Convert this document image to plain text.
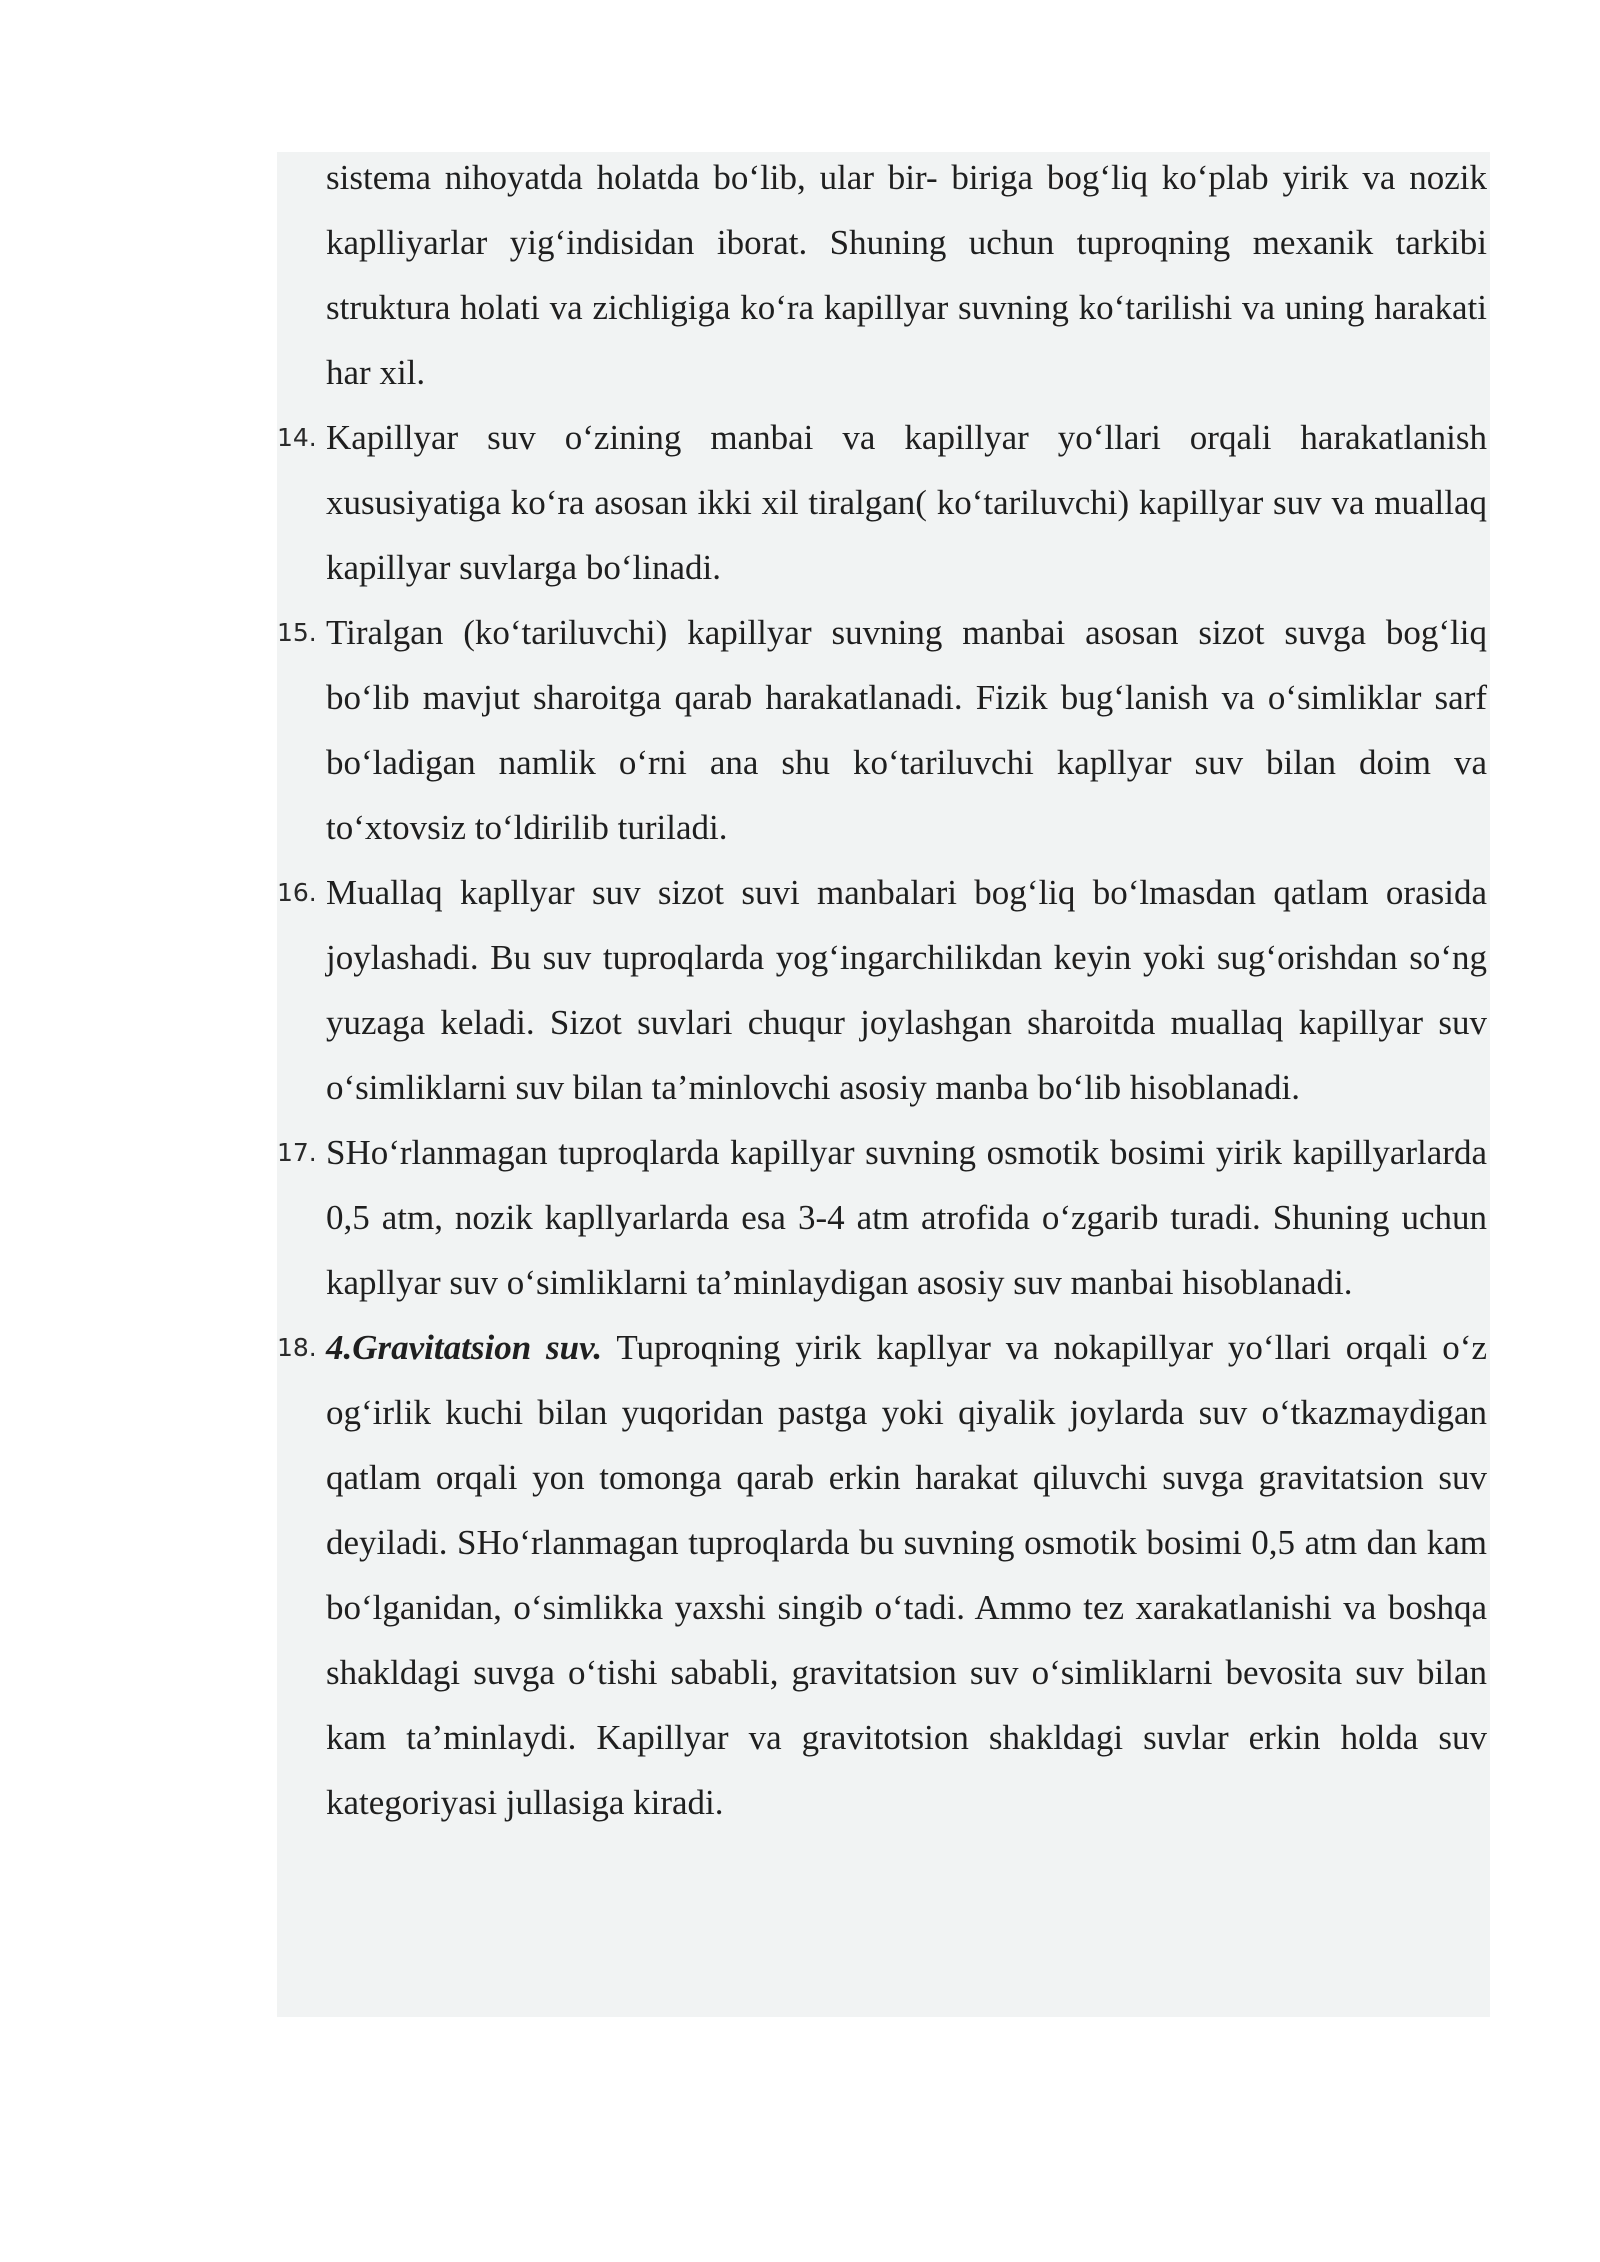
sistema nihoyatda holatda bo‘lib, ular bir- biriga bog‘liq ko‘plab yirik va nozik kaplliyarlar yig‘indisidan iborat. Shuning uchun tuproqning mexanik tarkibi struktura holati va zichligiga ko‘ra kapillyar suvning ko‘tarilishi va uning harakati har xil.
14. Kapillyar suv o‘zining manbai va kapillyar yo‘llari orqali harakatlanish xususiyatiga ko‘ra asosan ikki xil tiralgan( ko‘tariluvchi) kapillyar suv va muallaq kapillyar suvlarga bo‘linadi.
15. Tiralgan (ko‘tariluvchi) kapillyar suvning manbai asosan sizot suvga bog‘liq bo‘lib mavjut sharoitga qarab harakatlanadi. Fizik bug‘lanish va o‘simliklar sarf bo‘ladigan namlik o‘rni ana shu ko‘tariluvchi kapllyar suv bilan doim va to‘xtovsiz to‘ldirilib turiladi.
16. Muallaq kapllyar suv sizot suvi manbalari bog‘liq bo‘lmasdan qatlam orasida joylashadi. Bu suv tuproqlarda yog‘ingarchilikdan keyin yoki sug‘orishdan so‘ng yuzaga keladi. Sizot suvlari chuqur joylashgan sharoitda muallaq kapillyar suv o‘simliklarni suv bilan ta’minlovchi asosiy manba bo‘lib hisoblanadi.
17. SHo‘rlanmagan tuproqlarda kapillyar suvning osmotik bosimi yirik kapillyarlarda 0,5 atm, nozik kapllyarlarda esa 3-4 atm atrofida o‘zgarib turadi. Shuning uchun kapllyar suv o‘simliklarni ta’minlaydigan asosiy suv manbai hisoblanadi.
18. 4.Gravitatsion suv. Tuproqning yirik kapllyar va nokapillyar yo‘llari orqali o‘z og‘irlik kuchi bilan yuqoridan pastga yoki qiyalik joylarda suv o‘tkazmaydigan qatlam orqali yon tomonga qarab erkin harakat qiluvchi suvga gravitatsion suv deyiladi. SHo‘rlanmagan tuproqlarda bu suvning osmotik bosimi 0,5 atm dan kam bo‘lganidan, o‘simlikka yaxshi singib o‘tadi. Ammo tez xarakatlanishi va boshqa shakldagi suvga o‘tishi sababli, gravitatsion suv o‘simliklarni bevosita suv bilan kam ta’minlaydi. Kapillyar va gravitotsion shakldagi suvlar erkin holda suv kategoriyasi jullasiga kiradi.
